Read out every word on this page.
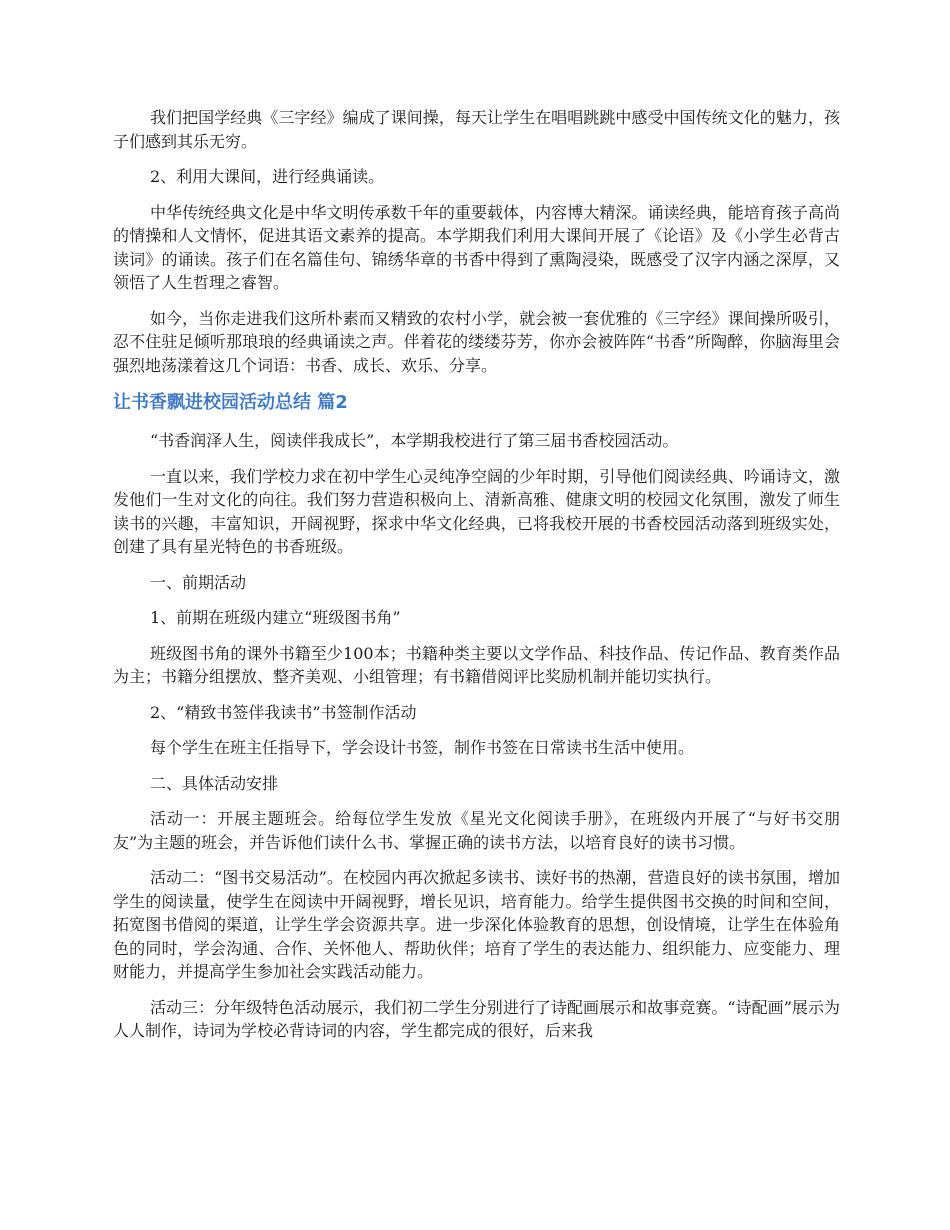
我们把国学经典《三字经》编成了课间操，每天让学生在唱唱跳跳中感受中国传统文化的魅力，孩子们感到其乐无穷。

2、利用大课间，进行经典诵读。

中华传统经典文化是中华文明传承数千年的重要载体，内容博大精深。诵读经典，能培育孩子高尚的情操和人文情怀，促进其语文素养的提高。本学期我们利用大课间开展了《论语》及《小学生必背古读词》的诵读。孩子们在名篇佳句、锦绣华章的书香中得到了熏陶浸染，既感受了汉字内涵之深厚，又领悟了人生哲理之睿智。

如今，当你走进我们这所朴素而又精致的农村小学，就会被一套优雅的《三字经》课间操所吸引，忍不住驻足倾听那琅琅的经典诵读之声。伴着花的缕缕芬芳，你亦会被阵阵“书香”所陶醉，你脑海里会强烈地荡漾着这几个词语：书香、成长、欢乐、分享。

让书香飘进校园活动总结 篇2

“书香润泽人生，阅读伴我成长”，本学期我校进行了第三届书香校园活动。

一直以来，我们学校力求在初中学生心灵纯净空阔的少年时期，引导他们阅读经典、吟诵诗文，激发他们一生对文化的向往。我们努力营造积极向上、清新高雅、健康文明的校园文化氛围，激发了师生读书的兴趣，丰富知识，开阔视野，探求中华文化经典，已将我校开展的书香校园活动落到班级实处，创建了具有星光特色的书香班级。

一、前期活动

1、前期在班级内建立“班级图书角”

班级图书角的课外书籍至少100本；书籍种类主要以文学作品、科技作品、传记作品、教育类作品为主；书籍分组摆放、整齐美观、小组管理；有书籍借阅评比奖励机制并能切实执行。

2、“精致书签伴我读书”书签制作活动

每个学生在班主任指导下，学会设计书签，制作书签在日常读书生活中使用。

二、具体活动安排

活动一：开展主题班会。给每位学生发放《星光文化阅读手册》，在班级内开展了“与好书交朋友”为主题的班会，并告诉他们读什么书、掌握正确的读书方法，以培育良好的读书习惯。

活动二：“图书交易活动”。在校园内再次掀起多读书、读好书的热潮，营造良好的读书氛围，增加学生的阅读量，使学生在阅读中开阔视野，增长见识，培育能力。给学生提供图书交换的时间和空间，拓宽图书借阅的渠道，让学生学会资源共享。进一步深化体验教育的思想，创设情境，让学生在体验角色的同时，学会沟通、合作、关怀他人、帮助伙伴；培育了学生的表达能力、组织能力、应变能力、理财能力，并提高学生参加社会实践活动能力。

活动三：分年级特色活动展示，我们初二学生分别进行了诗配画展示和故事竞赛。“诗配画”展示为人人制作，诗词为学校必背诗词的内容，学生都完成的很好，后来我
